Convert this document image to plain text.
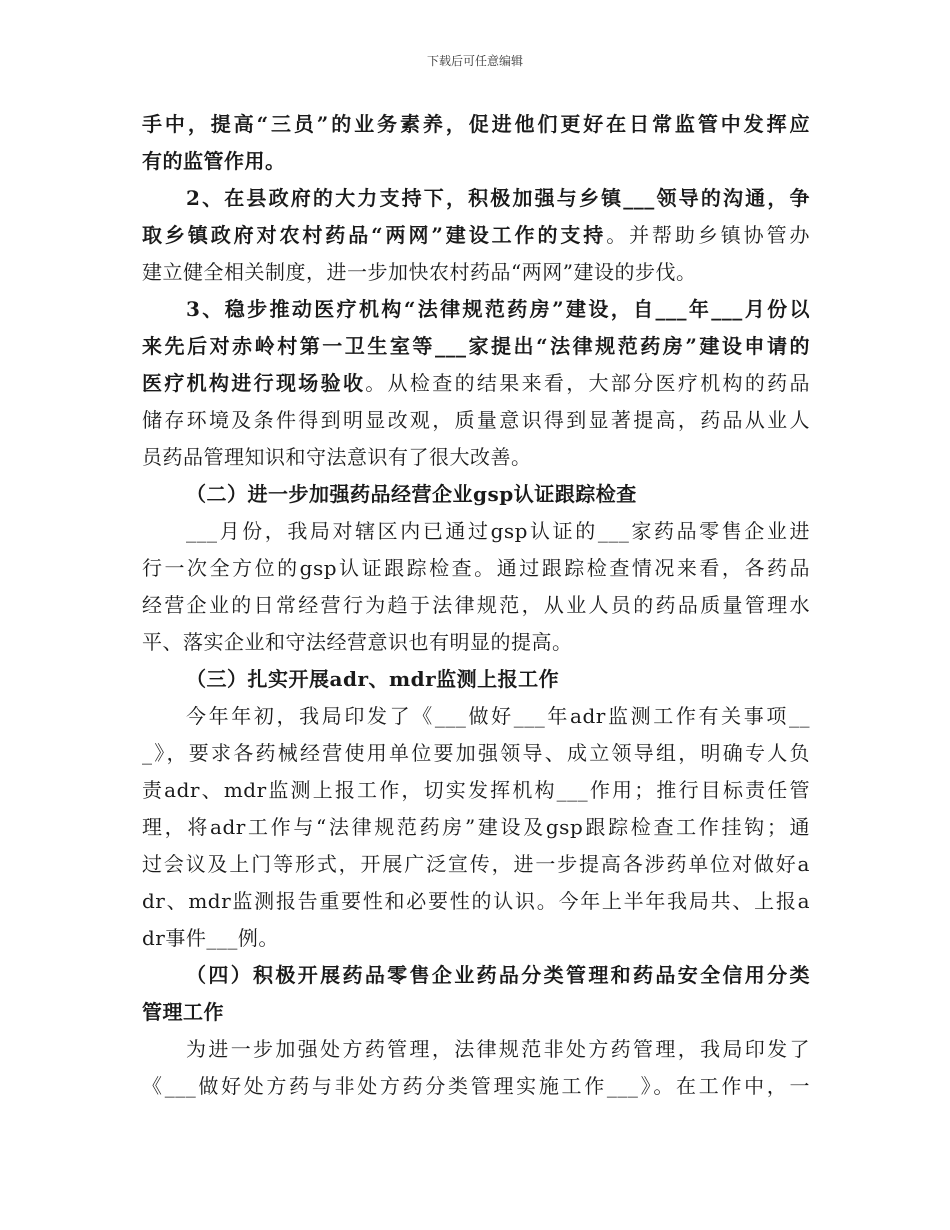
下载后可任意编辑
手中，提高“三员”的业务素养，促进他们更好在日常监管中发挥应
有的监管作用。
2、在县政府的大力支持下，积极加强与乡镇___领导的沟通，争
取乡镇政府对农村药品“两网”建设工作的支持。并帮助乡镇协管办
建立健全相关制度，进一步加快农村药品“两网”建设的步伐。
3、稳步推动医疗机构“法律规范药房”建设，自___年___月份以
来先后对赤岭村第一卫生室等___家提出“法律规范药房”建设申请的
医疗机构进行现场验收。从检查的结果来看，大部分医疗机构的药品
储存环境及条件得到明显改观，质量意识得到显著提高，药品从业人
员药品管理知识和守法意识有了很大改善。
（二）进一步加强药品经营企业gsp认证跟踪检查
___月份，我局对辖区内已通过gsp认证的___家药品零售企业进
行一次全方位的gsp认证跟踪检查。通过跟踪检查情况来看，各药品
经营企业的日常经营行为趋于法律规范，从业人员的药品质量管理水
平、落实企业和守法经营意识也有明显的提高。
（三）扎实开展adr、mdr监测上报工作
今年年初，我局印发了《___做好___年adr监测工作有关事项__
_》，要求各药械经营使用单位要加强领导、成立领导组，明确专人负
责adr、mdr监测上报工作，切实发挥机构___作用；推行目标责任管
理，将adr工作与“法律规范药房”建设及gsp跟踪检查工作挂钩；通
过会议及上门等形式，开展广泛宣传，进一步提高各涉药单位对做好a
dr、mdr监测报告重要性和必要性的认识。今年上半年我局共、上报a
dr事件___例。
（四）积极开展药品零售企业药品分类管理和药品安全信用分类
管理工作
为进一步加强处方药管理，法律规范非处方药管理，我局印发了
《___做好处方药与非处方药分类管理实施工作___》。在工作中，一
